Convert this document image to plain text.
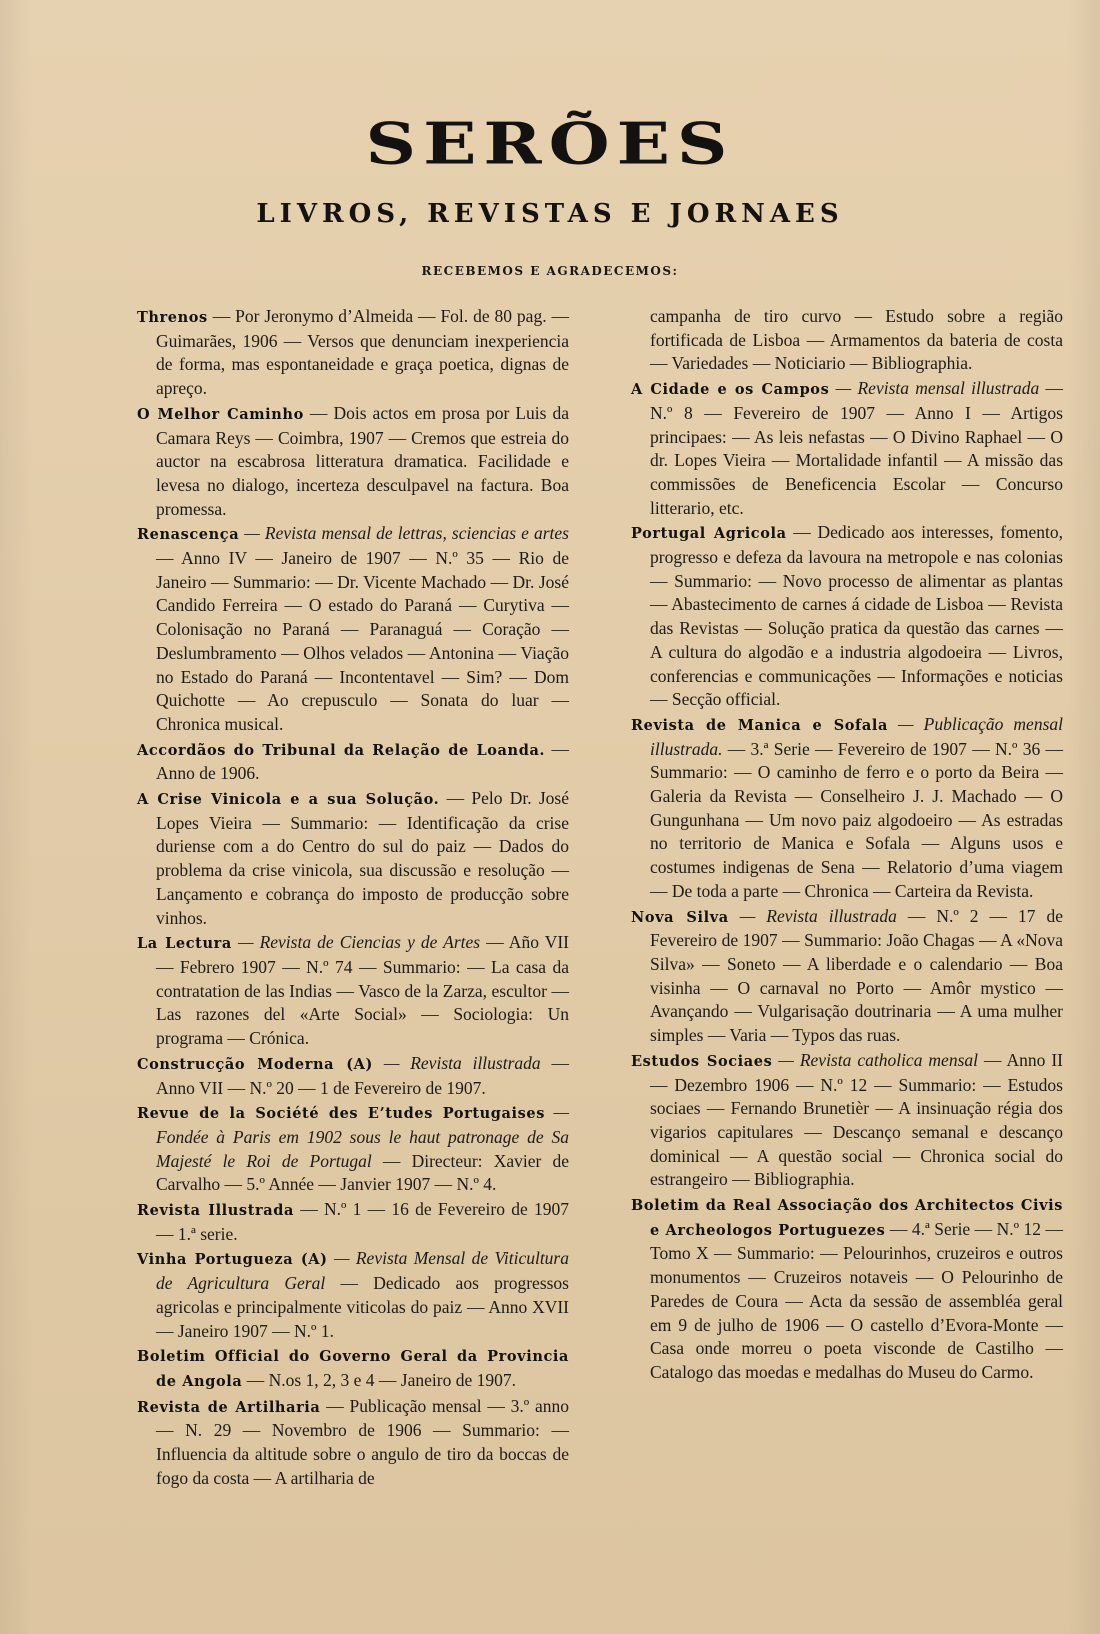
SERÕES
LIVROS, REVISTAS E JORNAES
RECEBEMOS E AGRADECEMOS:

Threnos — Por Jeronymo d’Almeida — Fol. de 80 pag. — Guimarães, 1906 — Versos que denunciam inexperiencia de forma, mas espontaneidade e graça poetica, dignas de apreço.

O Melhor Caminho — Dois actos em prosa por Luis da Camara Reys — Coimbra, 1907 — Cremos que estreia do auctor na escabrosa litteratura dramatica. Facilidade e levesa no dialogo, incerteza desculpavel na factura. Boa promessa.

Renascença — Revista mensal de lettras, sciencias e artes — Anno IV — Janeiro de 1907 — N.º 35 — Rio de Janeiro — Summario: — Dr. Vicente Machado — Dr. José Candido Ferreira — O estado do Paraná — Curytiva — Colonisação no Paraná — Paranaguá — Coração — Deslumbramento — Olhos velados — Antonina — Viação no Estado do Paraná — Incontentavel — Sim? — Dom Quichotte — Ao crepusculo — Sonata do luar — Chronica musical.

Accordãos do Tribunal da Relação de Loanda. — Anno de 1906.

A Crise Vinicola e a sua Solução. — Pelo Dr. José Lopes Vieira — Summario: — Identificação da crise duriense com a do Centro do sul do paiz — Dados do problema da crise vinicola, sua discussão e resolução — Lançamento e cobrança do imposto de producção sobre vinhos.

La Lectura — Revista de Ciencias y de Artes — Año VII — Febrero 1907 — N.º 74 — Summario: — La casa da contratation de las Indias — Vasco de la Zarza, escultor — Las razones del «Arte Social» — Sociologia: Un programa — Crónica.

Construcção Moderna (A) — Revista illustrada — Anno VII — N.º 20 — 1 de Fevereiro de 1907.

Revue de la Société des E’tudes Portugaises — Fondée à Paris em 1902 sous le haut patronage de Sa Majesté le Roi de Portugal — Directeur: Xavier de Carvalho — 5.º Année — Janvier 1907 — N.º 4.

Revista Illustrada — N.º 1 — 16 de Fevereiro de 1907 — 1.ª serie.

Vinha Portugueza (A) — Revista Mensal de Viticultura de Agricultura Geral — Dedicado aos progressos agricolas e principalmente viticolas do paiz — Anno XVII — Janeiro 1907 — N.º 1.

Boletim Official do Governo Geral da Provincia de Angola — N.os 1, 2, 3 e 4 — Janeiro de 1907.

Revista de Artilharia — Publicação mensal — 3.º anno — N. 29 — Novembro de 1906 — Summario: — Influencia da altitude sobre o angulo de tiro da boccas de fogo da costa — A artilharia de

campanha de tiro curvo — Estudo sobre a região fortificada de Lisboa — Armamentos da bateria de costa — Variedades — Noticiario — Bibliographia.

A Cidade e os Campos — Revista mensal illustrada — N.º 8 — Fevereiro de 1907 — Anno I — Artigos principaes: — As leis nefastas — O Divino Raphael — O dr. Lopes Vieira — Mortalidade infantil — A missão das commissões de Beneficencia Escolar — Concurso litterario, etc.

Portugal Agricola — Dedicado aos interesses, fomento, progresso e defeza da lavoura na metropole e nas colonias — Summario: — Novo processo de alimentar as plantas — Abastecimento de carnes á cidade de Lisboa — Revista das Revistas — Solução pratica da questão das carnes — A cultura do algodão e a industria algodoeira — Livros, conferencias e communicações — Informações e noticias — Secção official.

Revista de Manica e Sofala — Publicação mensal illustrada. — 3.ª Serie — Fevereiro de 1907 — N.º 36 — Summario: — O caminho de ferro e o porto da Beira — Galeria da Revista — Conselheiro J. J. Machado — O Gungunhana — Um novo paiz algodoeiro — As estradas no territorio de Manica e Sofala — Alguns usos e costumes indigenas de Sena — Relatorio d’uma viagem — De toda a parte — Chronica — Carteira da Revista.

Nova Silva — Revista illustrada — N.º 2 — 17 de Fevereiro de 1907 — Summario: João Chagas — A «Nova Silva» — Soneto — A liberdade e o calendario — Boa visinha — O carnaval no Porto — Amôr mystico — Avançando — Vulgarisação doutrinaria — A uma mulher simples — Varia — Typos das ruas.

Estudos Sociaes — Revista catholica mensal — Anno II — Dezembro 1906 — N.º 12 — Summario: — Estudos sociaes — Fernando Brunetièr — A insinuação régia dos vigarios capitulares — Descanço semanal e descanço dominical — A questão social — Chronica social do estrangeiro — Bibliographia.

Boletim da Real Associação dos Architectos Civis e Archeologos Portuguezes — 4.ª Serie — N.º 12 — Tomo X — Summario: — Pelourinhos, cruzeiros e outros monumentos — Cruzeiros notaveis — O Pelourinho de Paredes de Coura — Acta da sessão de assembléa geral em 9 de julho de 1906 — O castello d’Evora-Monte — Casa onde morreu o poeta visconde de Castilho — Catalogo das moedas e medalhas do Museu do Carmo.
